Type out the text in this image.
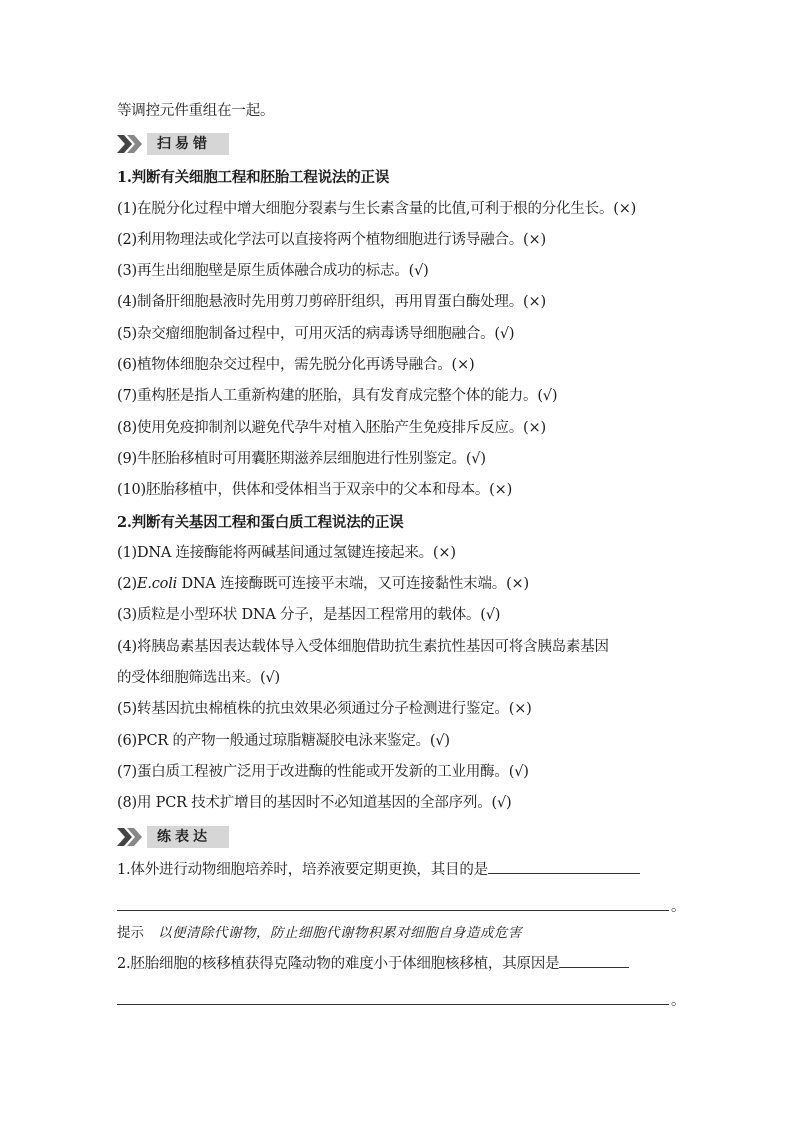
等调控元件重组在一起。
扫易错
1.判断有关细胞工程和胚胎工程说法的正误
(1)在脱分化过程中增大细胞分裂素与生长素含量的比值,可利于根的分化生长。(×)
(2)利用物理法或化学法可以直接将两个植物细胞进行诱导融合。(×)
(3)再生出细胞壁是原生质体融合成功的标志。(√)
(4)制备肝细胞悬液时先用剪刀剪碎肝组织，再用胃蛋白酶处理。(×)
(5)杂交瘤细胞制备过程中，可用灭活的病毒诱导细胞融合。(√)
(6)植物体细胞杂交过程中，需先脱分化再诱导融合。(×)
(7)重构胚是指人工重新构建的胚胎，具有发育成完整个体的能力。(√)
(8)使用免疫抑制剂以避免代孕牛对植入胚胎产生免疫排斥反应。(×)
(9)牛胚胎移植时可用囊胚期滋养层细胞进行性别鉴定。(√)
(10)胚胎移植中，供体和受体相当于双亲中的父本和母本。(×)
2.判断有关基因工程和蛋白质工程说法的正误
(1)DNA 连接酶能将两碱基间通过氢键连接起来。(×)
(2)E.coli DNA 连接酶既可连接平末端，又可连接黏性末端。(×)
(3)质粒是小型环状 DNA 分子，是基因工程常用的载体。(√)
(4)将胰岛素基因表达载体导入受体细胞借助抗生素抗性基因可将含胰岛素基因
的受体细胞筛选出来。(√)
(5)转基因抗虫棉植株的抗虫效果必须通过分子检测进行鉴定。(×)
(6)PCR 的产物一般通过琼脂糖凝胶电泳来鉴定。(√)
(7)蛋白质工程被广泛用于改进酶的性能或开发新的工业用酶。(√)
(8)用 PCR 技术扩增目的基因时不必知道基因的全部序列。(√)
练表达
1.体外进行动物细胞培养时，培养液要定期更换，其目的是
。
提示 以便清除代谢物，防止细胞代谢物积累对细胞自身造成危害
2.胚胎细胞的核移植获得克隆动物的难度小于体细胞核移植，其原因是
。
